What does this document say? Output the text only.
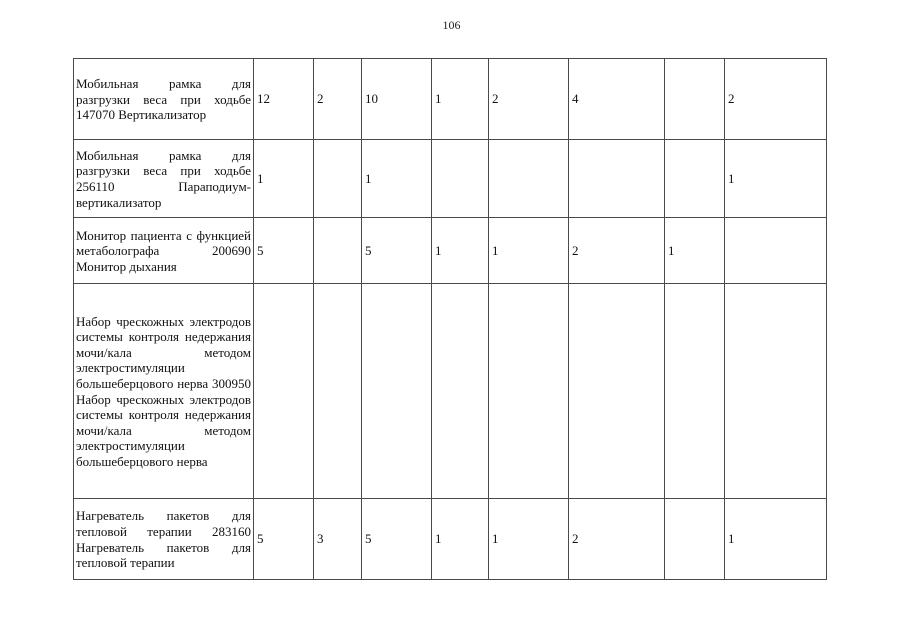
106
Мобильная рамка для разгрузки веса при ходьбе 147070 Вертикализатор	12	2	10	1	2	4		2
Мобильная рамка для разгрузки веса при ходьбе 256110 Параподиум-вертикализатор	1		1					1
Монитор пациента с функцией метаболографа 200690 Монитор дыхания	5		5	1	1	2	1	
Набор чрескожных электродов системы контроля недержания мочи/кала методом электростимуляции большеберцового нерва 300950 Набор чрескожных электродов системы контроля недержания мочи/кала методом электростимуляции большеберцового нерва								
Нагреватель пакетов для тепловой терапии 283160 Нагреватель пакетов для тепловой терапии	5	3	5	1	1	2		1
